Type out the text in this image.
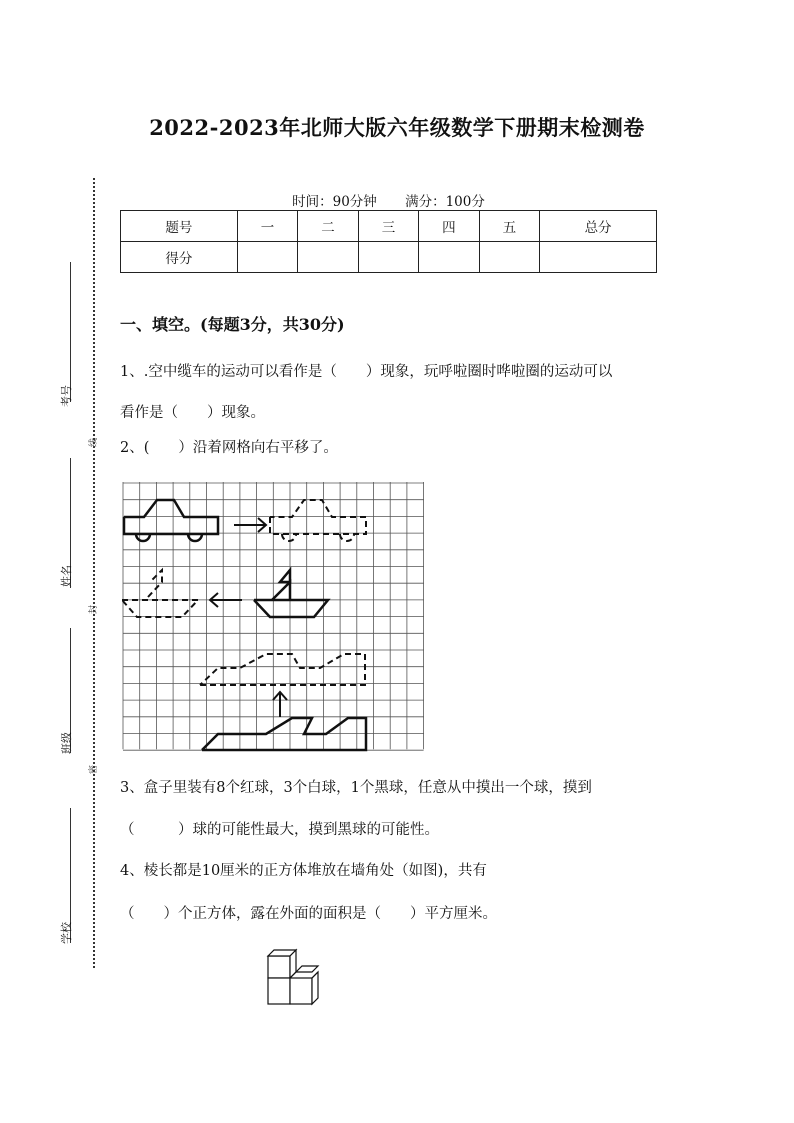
考号
姓名
班级
学校
线
封
密
2022-2023年北师大版六年级数学下册期末检测卷
时间：90分钟 满分：100分
题号	一	二	三	四	五	总分
得分						
一、填空。(每题3分，共30分)
1、.空中缆车的运动可以看作是（　　）现象，玩呼啦圈时哗啦圈的运动可以
看作是（　　）现象。
2、(　　）沿着网格向右平移了。
3、盒子里装有8个红球，3个白球，1个黑球，任意从中摸出一个球，摸到
（　　　）球的可能性最大，摸到黑球的可能性。
4、棱长都是10厘米的正方体堆放在墙角处（如图)，共有
（　　）个正方体，露在外面的面积是（　　）平方厘米。
